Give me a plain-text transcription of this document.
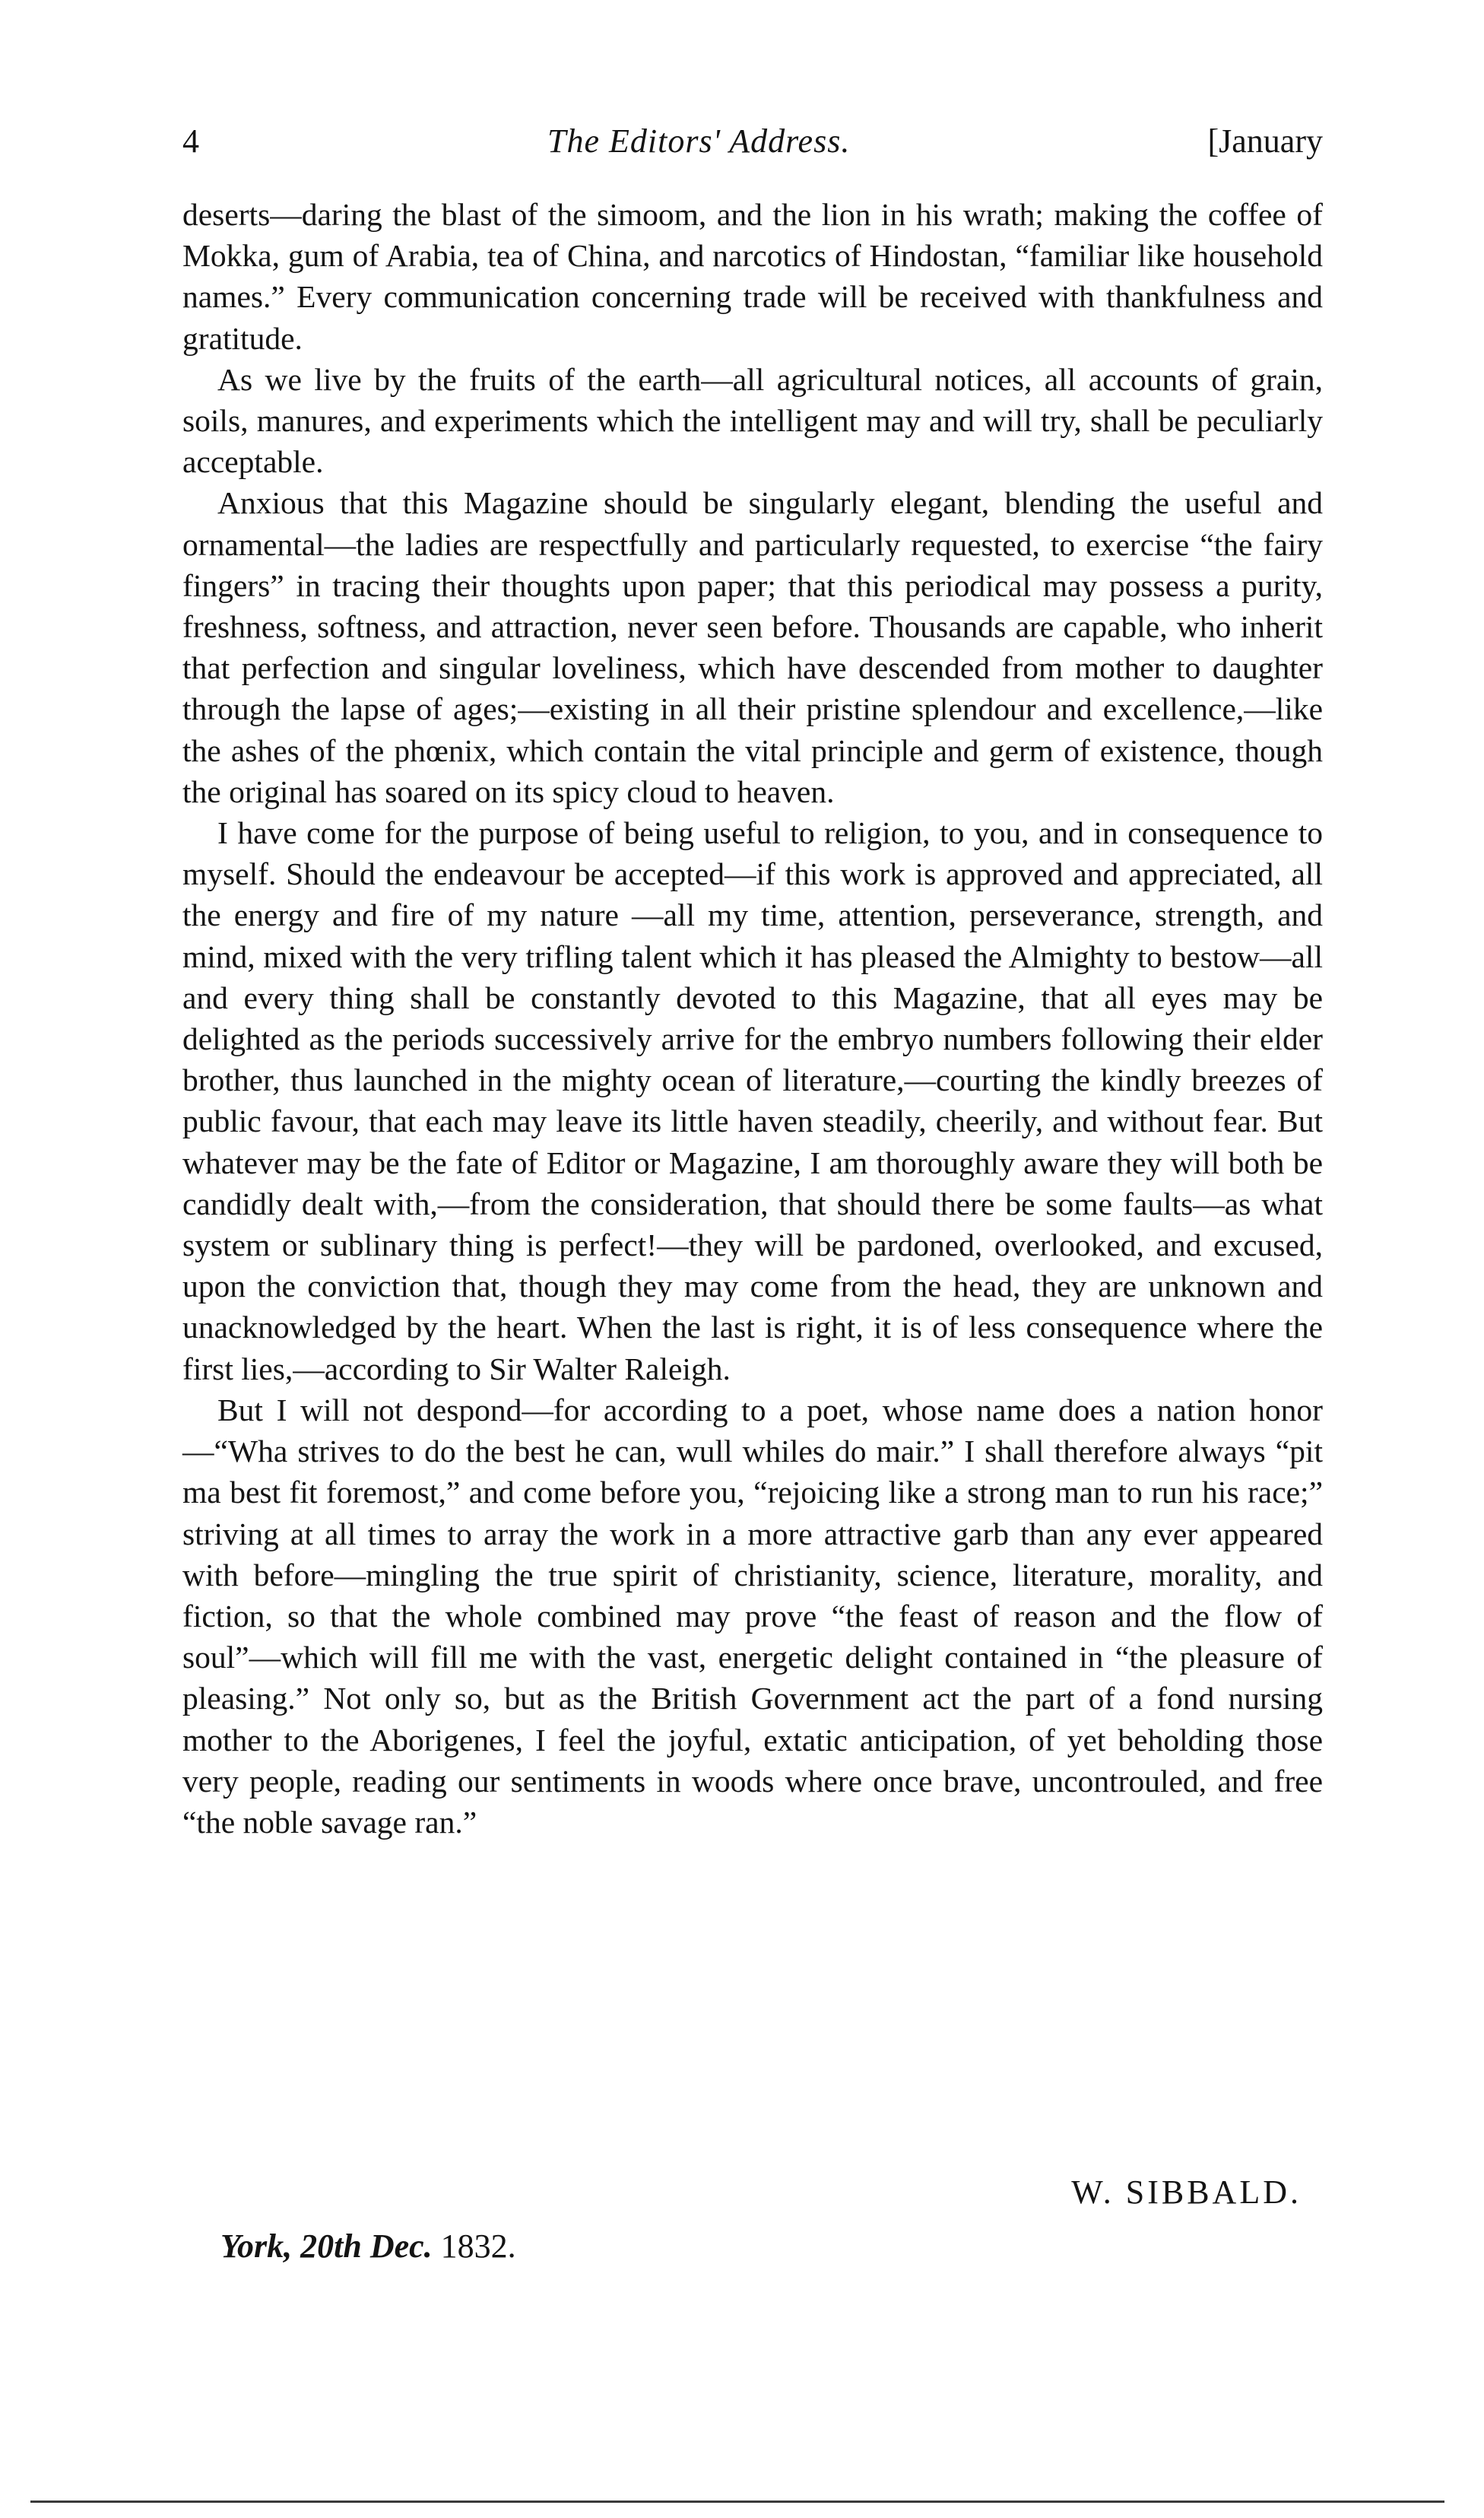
4	The Editors' Address.	[January

deserts—daring the blast of the simoom, and the lion in his wrath; making the coffee of Mokka, gum of Arabia, tea of China, and narcotics of Hindostan, “familiar like household names.” Every communication concerning trade will be received with thankfulness and gratitude.

As we live by the fruits of the earth—all agricultural notices, all accounts of grain, soils, manures, and experiments which the intelligent may and will try, shall be peculiarly acceptable.

Anxious that this Magazine should be singularly elegant, blending the useful and ornamental—the ladies are respectfully and particularly requested, to exercise “the fairy fingers” in tracing their thoughts upon paper; that this periodical may possess a purity, freshness, softness, and attraction, never seen before. Thousands are capable, who inherit that perfection and singular loveliness, which have descended from mother to daughter through the lapse of ages;—existing in all their pristine splendour and excellence,—like the ashes of the phœnix, which contain the vital principle and germ of existence, though the original has soared on its spicy cloud to heaven.

I have come for the purpose of being useful to religion, to you, and in consequence to myself. Should the endeavour be accepted—if this work is approved and appreciated, all the energy and fire of my nature —all my time, attention, perseverance, strength, and mind, mixed with the very trifling talent which it has pleased the Almighty to bestow—all and every thing shall be constantly devoted to this Magazine, that all eyes may be delighted as the periods successively arrive for the embryo numbers following their elder brother, thus launched in the mighty ocean of literature,—courting the kindly breezes of public favour, that each may leave its little haven steadily, cheerily, and without fear. But whatever may be the fate of Editor or Magazine, I am thoroughly aware they will both be candidly dealt with,—from the consideration, that should there be some faults—as what system or sublinary thing is perfect!—they will be pardoned, overlooked, and excused, upon the conviction that, though they may come from the head, they are unknown and unacknowledged by the heart. When the last is right, it is of less consequence where the first lies,—according to Sir Walter Raleigh.

But I will not despond—for according to a poet, whose name does a nation honor—“Wha strives to do the best he can, wull whiles do mair.” I shall therefore always “pit ma best fit foremost,” and come before you, “rejoicing like a strong man to run his race;” striving at all times to array the work in a more attractive garb than any ever appeared with before—mingling the true spirit of christianity, science, literature, morality, and fiction, so that the whole combined may prove “the feast of reason and the flow of soul”—which will fill me with the vast, energetic delight contained in “the pleasure of pleasing.” Not only so, but as the British Government act the part of a fond nursing mother to the Aborigenes, I feel the joyful, extatic anticipation, of yet beholding those very people, reading our sentiments in woods where once brave, uncontrouled, and free “the noble savage ran.”

W. SIBBALD.
York, 20th Dec. 1832.
